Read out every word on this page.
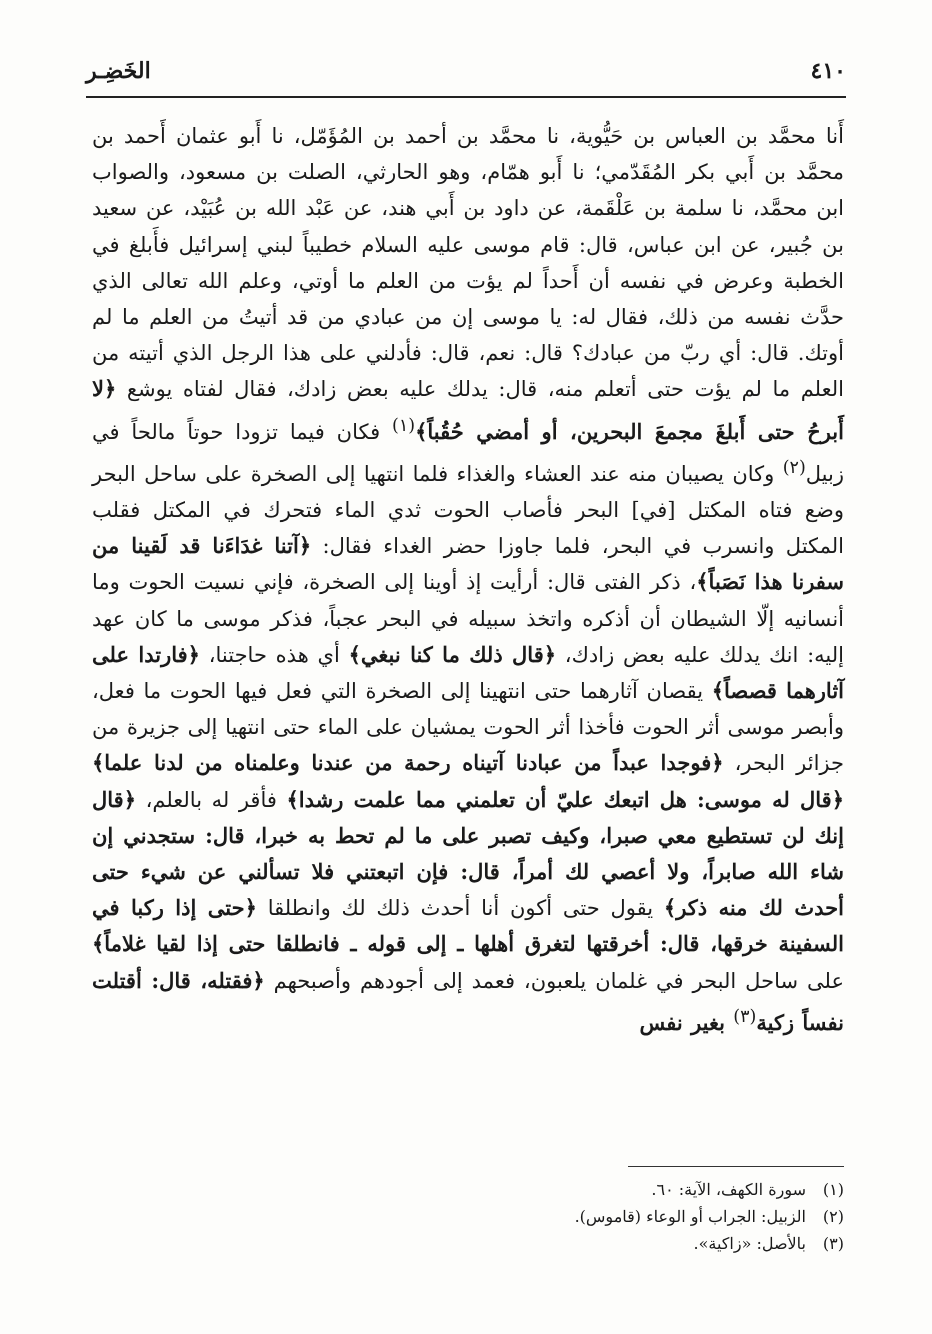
٤١٠
الخَضِـر

أَنا محمَّد بن العباس بن حَيُّوية، نا محمَّد بن أحمد بن المُؤَمّل، نا أَبو عثمان أَحمد بن محمَّد بن أَبي بكر المُقَدّمي؛ نا أَبو همّام، وهو الحارثي، الصلت بن مسعود، والصواب ابن محمَّد، نا سلمة بن عَلْقَمة، عن داود بن أَبي هند، عن عَبْد الله بن عُبَيْد، عن سعيد بن جُبير، عن ابن عباس، قال: قام موسى عليه السلام خطيباً لبني إسرائيل فأَبلغ في الخطبة وعرض في نفسه أن أَحداً لم يؤت من العلم ما أوتي، وعلم الله تعالى الذي حدَّث نفسه من ذلك، فقال له: يا موسى إن من عبادي من قد أتيتُ من العلم ما لم أوتك. قال: أي ربّ من عبادك؟ قال: نعم، قال: فأدلني على هذا الرجل الذي أتيته من العلم ما لم يؤت حتى أتعلم منه، قال: يدلك عليه بعض زادك، فقال لفتاه يوشع ﴿لا أَبرحُ حتى أَبلغَ مجمعَ البحرين، أو أمضي حُقُباً﴾$^{(١)}$ فكان فيما تزودا حوتاً مالحاً في زبيل$^{(٢)}$ وكان يصيبان منه عند العشاء والغذاء فلما انتهيا إلى الصخرة على ساحل البحر وضع فتاه المكتل [في] البحر فأصاب الحوت ثدي الماء فتحرك في المكتل فقلب المكتل وانسرب في البحر، فلما جاوزا حضر الغداء فقال: ﴿آتنا غدَاءَنا قد لَقينا من سفرنا هذا نَصَباً﴾، ذكر الفتى قال: أرأيت إذ أوينا إلى الصخرة، فإني نسيت الحوت وما أنسانيه إلّا الشيطان أن أذكره واتخذ سبيله في البحر عجباً، فذكر موسى ما كان عهد إليه: انك يدلك عليه بعض زادك، ﴿قال ذلك ما كنا نبغي﴾ أي هذه حاجتنا، ﴿فارتدا على آثارهما قصصاً﴾ يقصان آثارهما حتى انتهينا إلى الصخرة التي فعل فيها الحوت ما فعل، وأبصر موسى أثر الحوت فأخذا أثر الحوت يمشيان على الماء حتى انتهيا إلى جزيرة من جزائر البحر، ﴿فوجدا عبداً من عبادنا آتيناه رحمة من عندنا وعلمناه من لدنا علما﴾ ﴿قال له موسى: هل اتبعك عليّ أن تعلمني مما علمت رشدا﴾ فأقر له بالعلم، ﴿قال إنك لن تستطيع معي صبرا، وكيف تصبر على ما لم تحط به خبرا، قال: ستجدني إن شاء الله صابراً، ولا أعصي لك أمراً، قال: فإن اتبعتني فلا تسألني عن شيء حتى أحدث لك منه ذكر﴾ يقول حتى أكون أنا أحدث ذلك لك وانطلقا ﴿حتى إذا ركبا في السفينة خرقها، قال: أخرقتها لتغرق أهلها ـ إلى قوله ـ فانطلقا حتى إذا لقيا غلاماً﴾ على ساحل البحر في غلمان يلعبون، فعمد إلى أجودهم وأصبحهم ﴿فقتله، قال: أقتلت نفساً زكية$^{(٣)}$ بغير نفس

(١)سورة الكهف، الآية: ٦٠.
(٢)الزبيل: الجراب أو الوعاء (قاموس).
(٣)بالأصل: «زاكية».
